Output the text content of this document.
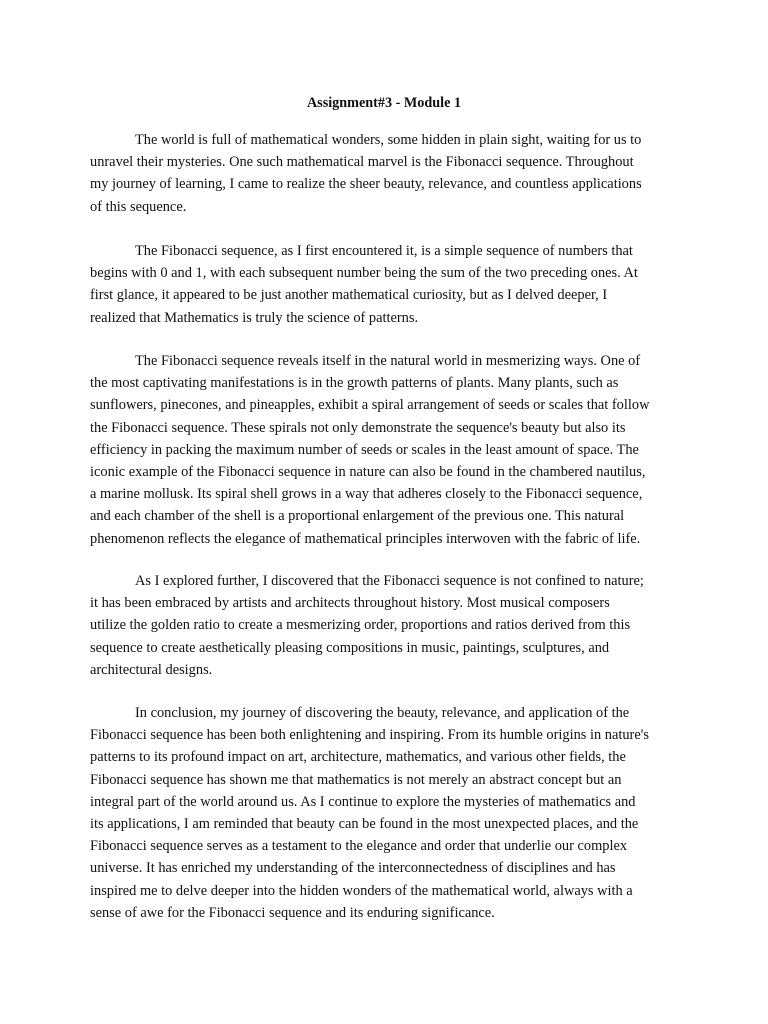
Assignment#3 - Module 1

The world is full of mathematical wonders, some hidden in plain sight, waiting for us to
unravel their mysteries. One such mathematical marvel is the Fibonacci sequence. Throughout
my journey of learning, I came to realize the sheer beauty, relevance, and countless applications
of this sequence.

The Fibonacci sequence, as I first encountered it, is a simple sequence of numbers that
begins with 0 and 1, with each subsequent number being the sum of the two preceding ones. At
first glance, it appeared to be just another mathematical curiosity, but as I delved deeper, I
realized that Mathematics is truly the science of patterns.

The Fibonacci sequence reveals itself in the natural world in mesmerizing ways. One of
the most captivating manifestations is in the growth patterns of plants. Many plants, such as
sunflowers, pinecones, and pineapples, exhibit a spiral arrangement of seeds or scales that follow
the Fibonacci sequence. These spirals not only demonstrate the sequence's beauty but also its
efficiency in packing the maximum number of seeds or scales in the least amount of space. The
iconic example of the Fibonacci sequence in nature can also be found in the chambered nautilus,
a marine mollusk. Its spiral shell grows in a way that adheres closely to the Fibonacci sequence,
and each chamber of the shell is a proportional enlargement of the previous one. This natural
phenomenon reflects the elegance of mathematical principles interwoven with the fabric of life.

As I explored further, I discovered that the Fibonacci sequence is not confined to nature;
it has been embraced by artists and architects throughout history. Most musical composers
utilize the golden ratio to create a mesmerizing order, proportions and ratios derived from this
sequence to create aesthetically pleasing compositions in music, paintings, sculptures, and
architectural designs.

In conclusion, my journey of discovering the beauty, relevance, and application of the
Fibonacci sequence has been both enlightening and inspiring. From its humble origins in nature's
patterns to its profound impact on art, architecture, mathematics, and various other fields, the
Fibonacci sequence has shown me that mathematics is not merely an abstract concept but an
integral part of the world around us. As I continue to explore the mysteries of mathematics and
its applications, I am reminded that beauty can be found in the most unexpected places, and the
Fibonacci sequence serves as a testament to the elegance and order that underlie our complex
universe. It has enriched my understanding of the interconnectedness of disciplines and has
inspired me to delve deeper into the hidden wonders of the mathematical world, always with a
sense of awe for the Fibonacci sequence and its enduring significance.
